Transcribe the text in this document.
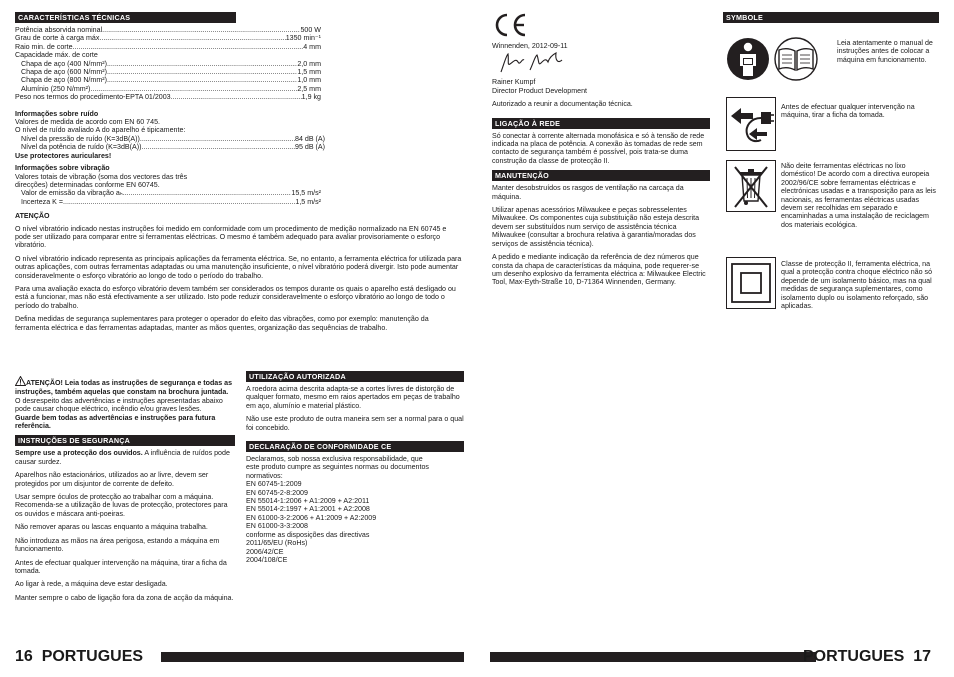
CARACTERÍSTICAS TÉCNICAS
Potência absorvida nominal .....	500 W
Grau de corte à carga máx. .....	1350 min⁻¹
Raio min. de corte .....	4 mm
Capacidade máx. de corte
Chapa de aço (400 N/mm²) .....	2,0 mm
Chapa de aço (600 N/mm²) .....	1,5 mm
Chapa de aço (800 N/mm²) .....	1,0 mm
Alumínio (250 N/mm²) .....	2,5 mm
Peso nos termos do procedimento-EPTA 01/2003 .....	1,9 kg
Informações sobre ruído
Valores de medida de acordo com EN 60 745.
O nível de ruído avaliado A do aparelho é tipicamente:
Nível da pressão de ruído (K=3dB(A)) .....	84 dB (A)
Nível da potência de ruído (K=3dB(A)) .....	95 dB (A)
Use protectores auriculares!
Informações sobre vibração
Valores totais de vibração (soma dos vectores das três
direcções) determinadas conforme EN 60745.
Valor de emissão da vibração aₕ .....	15,5 m/s²
Incerteza K = .....	1,5 m/s²
ATENÇÃO

O nível vibratório indicado nestas instruções foi medido em conformidade com um procedimento de medição normalizado na EN 60745 e pode ser utilizado para comparar entre si ferramentas eléctricas. O mesmo é também adequado para avaliar provisoriamente o esforço vibratório.

O nível vibratório indicado representa as principais aplicações da ferramenta eléctrica. Se, no entanto, a ferramenta eléctrica for utilizada para outras aplicações, com outras ferramentas adaptadas ou uma manutenção insuficiente, o nível vibratório poderá divergir. Isto pode aumentar consideravelmente o esforço vibratório ao longo de todo o período do trabalho.

Para uma avaliação exacta do esforço vibratório devem também ser considerados os tempos durante os quais o aparelho está desligado ou está a funcionar, mas não está efectivamente a ser utilizado. Isto pode reduzir consideravelmente o esforço vibratório ao longo de todo o período do trabalho.

Defina medidas de segurança suplementares para proteger o operador do efeito das vibrações, como por exemplo: manutenção da ferramenta eléctrica e das ferramentas adaptadas, manter as mãos quentes, organização das sequências de trabalho.

ATENÇÃO! Leia todas as instruções de segurança e todas as instruções, também aquelas que constam na brochura juntada. O desrespeito das advertências e instruções apresentadas abaixo pode causar choque eléctrico, incêndio e/ou graves lesões.

Guarde bem todas as advertências e instruções para futura referência.

INSTRUÇÕES DE SEGURANÇA

Sempre use a protecção dos ouvidos. A influência de ruídos pode causar surdez.

Aparelhos não estacionários, utilizados ao ar livre, devem ser protegidos por um disjuntor de corrente de defeito.

Usar sempre óculos de protecção ao trabalhar com a máquina. Recomenda-se a utilização de luvas de protecção, protectores para os ouvidos e máscara anti-poeiras.

Não remover aparas ou lascas enquanto a máquina trabalha.

Não introduza as mãos na área perigosa, estando a máquina em funcionamento.

Antes de efectuar qualquer intervenção na máquina, tirar a ficha da tomada.

Ao ligar à rede, a máquina deve estar desligada.

Manter sempre o cabo de ligação fora da zona de acção da máquina.

UTILIZAÇÃO AUTORIZADA

A roedora acima descrita adapta-se a cortes livres de distorção de qualquer formato, mesmo em raios apertados em peças de trabalho em aço, alumínio e material plástico.

Não use este produto de outra maneira sem ser a normal para o qual foi concebido.

DECLARAÇÃO DE CONFORMIDADE CE
Declaramos, sob nossa exclusiva responsabilidade, que
este produto cumpre as seguintes normas ou documentos
normativos:
EN 60745-1:2009
EN 60745-2-8:2009
EN 55014-1:2006 + A1:2009 + A2:2011
EN 55014-2:1997 + A1:2001 + A2:2008
EN 61000-3-2:2006 + A1:2009 + A2:2009
EN 61000-3-3:2008
conforme as disposições das directivas
2011/65/EU (RoHs)
2006/42/CE
2004/108/CE
16 PORTUGUES
Winnenden, 2012-09-11
Rainer Kumpf
Director Product Development

Autorizado a reunir a documentação técnica.

LIGAÇÃO À REDE

Só conectar à corrente alternada monofásica e só à tensão de rede indicada na placa de potência. A conexão às tomadas de rede sem contacto de segurança também é possível, pois trata-se duma construção da classe de protecção II.

MANUTENÇÃO

Manter desobstruídos os rasgos de ventilação na carcaça da máquina.

Utilizar apenas acessórios Milwaukee e peças sobresselentes Milwaukee. Os componentes cuja substituição não esteja descrita devem ser substituídos num serviço de assistência técnica Milwaukee (consultar a brochura relativa à garantia/moradas dos serviços de assistência técnica).

A pedido e mediante indicação da referência de dez números que consta da chapa de características da máquina, pode requerer-se um desenho explosivo da ferramenta eléctrica a: Milwaukee Electric Tool, Max-Eyth-Straße 10, D-71364 Winnenden, Germany.

SYMBOLE
Leia atentamente o manual de instruções antes de colocar a máquina em funcionamento.
Antes de efectuar qualquer intervenção na máquina, tirar a ficha da tomada.
Não deite ferramentas eléctricas no lixo doméstico! De acordo com a directiva europeia 2002/96/CE sobre ferramentas eléctricas e electrónicas usadas e a transposição para as leis nacionais, as ferramentas eléctricas usadas devem ser recolhidas em separado e encaminhadas a uma instalação de reciclagem dos materiais ecológica.
Classe de protecção II, ferramenta eléctrica, na qual a protecção contra choque eléctrico não só depende de um isolamento básico, mas na qual medidas de segurança suplementares, como isolamento duplo ou isolamento reforçado, são aplicadas.
PORTUGUES 17
